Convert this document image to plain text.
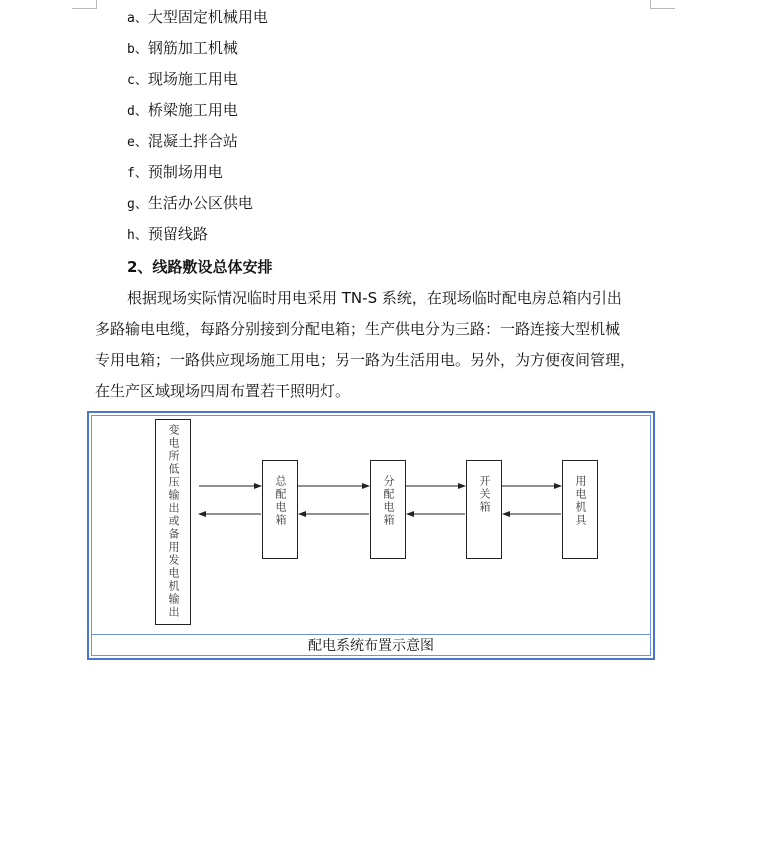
a、大型固定机械用电
b、钢筋加工机械
c、现场施工用电
d、桥梁施工用电
e、混凝土拌合站
f、预制场用电
g、生活办公区供电
h、预留线路
2、线路敷设总体安排

根据现场实际情况临时用电采用 TN-S 系统，在现场临时配电房总箱内引出
多路输电电缆，每路分别接到分配电箱；生产供电分为三路：一路连接大型机械
专用电箱；一路供应现场施工用电；另一路为生活用电。另外，为方便夜间管理，
在生产区域现场四周布置若干照明灯。

变电所低压输出或备用发电机输出	总配电箱	分配电箱	开关箱	用电机具
配电系统布置示意图
